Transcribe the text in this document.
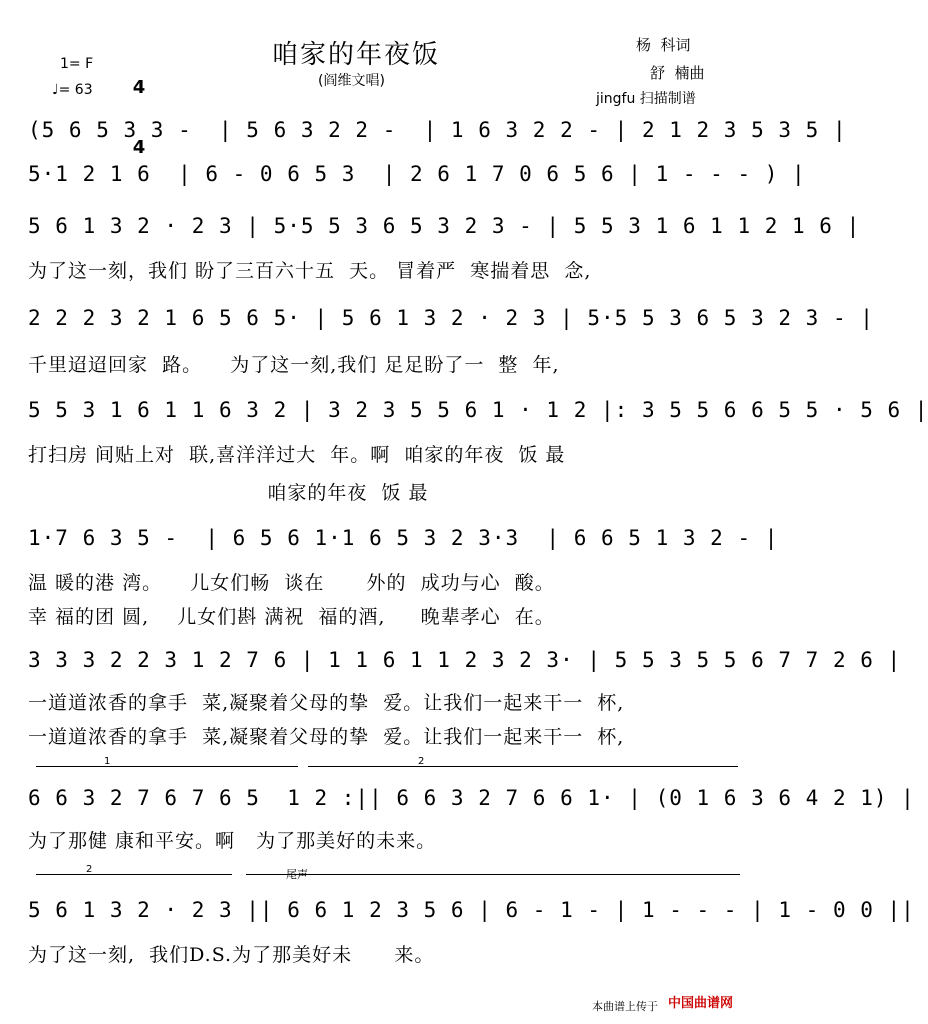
咱家的年夜饭
(阎维文唱)
1= F

4

4

♩= 63
杨  科词
舒  楠曲
jingfu 扫描制谱
(5 6 5 3 3 -  | 5 6 3 2 2 -  | 1 6 3 2 2 - | 2 1 2 3 5 3 5 |
5·1 2 1 6  | 6 - 0 6 5 3  | 2 6 1 7 0 6 5 6 | 1 - - - ) |
5 6 1 3 2 · 2 3 | 5·5 5 3 6 5 3 2 3 - | 5 5 3 1 6 1 1 2 1 6 |
为了这一刻，我们 盼了三百六十五  天。 冒着严  寒揣着思  念,
2 2 2 3 2 1 6 5 6 5· | 5 6 1 3 2 · 2 3 | 5·5 5 3 6 5 3 2 3 - |
千里迢迢回家  路。    为了这一刻,我们 足足盼了一  整  年,
5 5 3 1 6 1 1 6 3 2 | 3 2 3 5 5 6 1 · 1 2 |: 3 5 5 6 6 5 5 · 5 6 |
打扫房 间贴上对  联,喜洋洋过大  年。啊  咱家的年夜  饭 最
咱家的年夜  饭 最
1·7 6 3 5 -  | 6 5 6 1·1 6 5 3 2 3·3  | 6 6 5 1 3 2 - |
温 暖的港 湾。    儿女们畅  谈在      外的  成功与心  酸。
幸 福的团 圆,    儿女们斟 满祝  福的酒,     晚辈孝心  在。
3 3 3 2 2 3 1 2 7 6 | 1 1 6 1 1 2 3 2 3· | 5 5 3 5 5 6 7 7 2 6 |
一道道浓香的拿手  菜,凝聚着父母的挚  爱。让我们一起来干一  杯,
一道道浓香的拿手  菜,凝聚着父母的挚  爱。让我们一起来干一  杯,
1	2
6 6 3 2 7 6 7 6 5  1 2 :|| 6 6 3 2 7 6 6 1· | (0 1 6 3 6 4 2 1) |
为了那健 康和平安。啊   为了那美好的未来。
2	尾声
5 6 1 3 2 · 2 3 || 6 6 1 2 3 5 6 | 6 - 1 - | 1 - - - | 1 - 0 0 ||
为了这一刻,  我们D.S.为了那美好未      来。
本曲谱上传于 中国曲谱网
